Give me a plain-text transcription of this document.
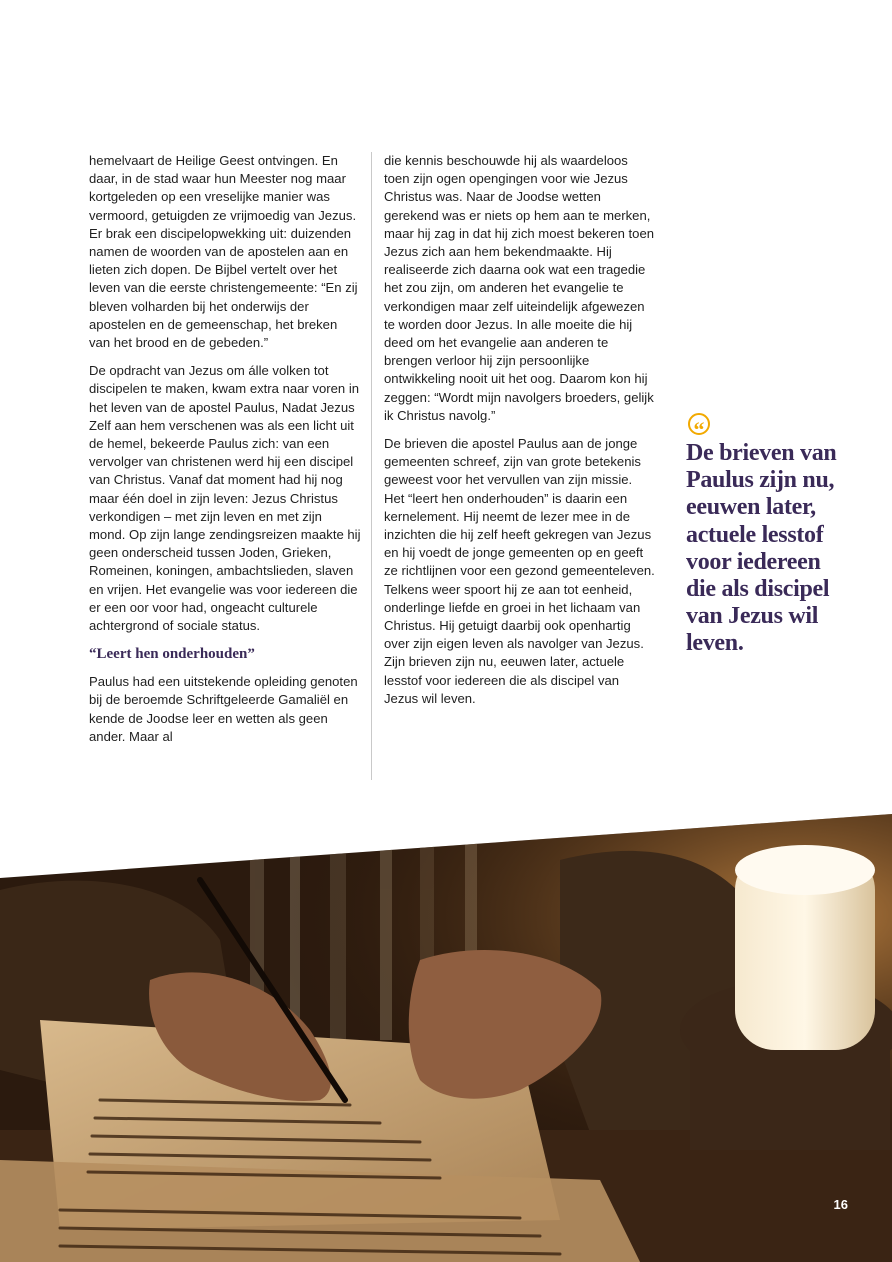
hemelvaart de Heilige Geest ontvingen. En daar, in de stad waar hun Meester nog maar kortgeleden op een vreselijke manier was vermoord, getuigden ze vrijmoedig van Jezus. Er brak een discipelopwekking uit: duizenden namen de woorden van de apostelen aan en lieten zich dopen. De Bijbel vertelt over het leven van die eerste christengemeente: “En zij bleven volharden bij het onderwijs der apostelen en de gemeenschap, het breken van het brood en de gebeden.”

De opdracht van Jezus om álle volken tot discipelen te maken, kwam extra naar voren in het leven van de apostel Paulus, Nadat Jezus Zelf aan hem verschenen was als een licht uit de hemel, bekeerde Paulus zich: van een vervolger van christenen werd hij een discipel van Christus. Vanaf dat moment had hij nog maar één doel in zijn leven: Jezus Christus verkondigen – met zijn leven en met zijn mond. Op zijn lange zendingsreizen maakte hij geen onderscheid tussen Joden, Grieken, Romeinen, koningen, ambachtslieden, slaven en vrijen. Het evangelie was voor iedereen die er een oor voor had, ongeacht culturele achtergrond of sociale status.

“Leert hen onderhouden”

Paulus had een uitstekende opleiding genoten bij de beroemde Schriftgeleerde Gamaliël en kende de Joodse leer en wetten als geen ander. Maar al

die kennis beschouwde hij als waardeloos toen zijn ogen opengingen voor wie Jezus Christus was. Naar de Joodse wetten gerekend was er niets op hem aan te merken, maar hij zag in dat hij zich moest bekeren toen Jezus zich aan hem bekendmaakte. Hij realiseerde zich daarna ook wat een tragedie het zou zijn, om anderen het evangelie te verkondigen maar zelf uiteindelijk afgewezen te worden door Jezus. In alle moeite die hij deed om het evangelie aan anderen te brengen verloor hij zijn persoonlijke ontwikkeling nooit uit het oog. Daarom kon hij zeggen: “Wordt mijn navolgers broeders, gelijk ik Christus navolg.”

De brieven die apostel Paulus aan de jonge gemeenten schreef, zijn van grote betekenis geweest voor het vervullen van zijn missie. Het “leert hen onderhouden” is daarin een kernelement. Hij neemt de lezer mee in de inzichten die hij zelf heeft gekregen van Jezus en hij voedt de jonge gemeenten op en geeft ze richtlijnen voor een gezond gemeenteleven. Telkens weer spoort hij ze aan tot eenheid, onderlinge liefde en groei in het lichaam van Christus. Hij getuigt daarbij ook openhartig over zijn eigen leven als navolger van Jezus. Zijn brieven zijn nu, eeuwen later, actuele lesstof voor iedereen die als discipel van Jezus wil leven.

“
De brieven van Paulus zijn nu, eeuwen later, actuele lesstof voor iedereen die als discipel van Jezus wil leven.
16
